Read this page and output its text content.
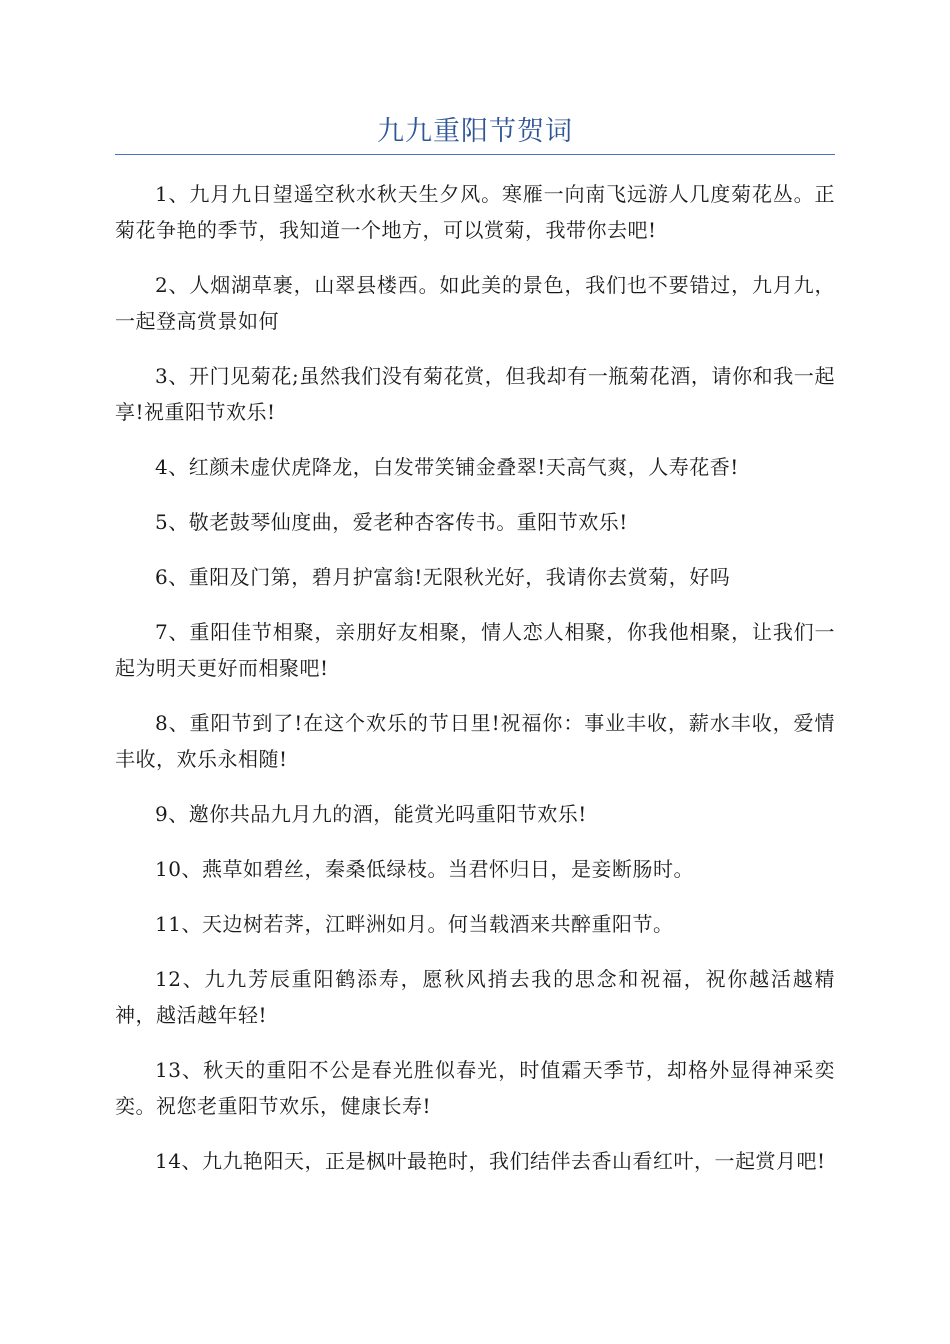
九九重阳节贺词

1、九月九日望遥空秋水秋天生夕风。寒雁一向南飞远游人几度菊花丛。正菊花争艳的季节，我知道一个地方，可以赏菊，我带你去吧!

2、人烟湖草裹，山翠县楼西。如此美的景色，我们也不要错过，九月九，一起登高赏景如何

3、开门见菊花;虽然我们没有菊花赏，但我却有一瓶菊花酒，请你和我一起享!祝重阳节欢乐!

4、红颜未虚伏虎降龙，白发带笑铺金叠翠!天高气爽，人寿花香!

5、敬老鼓琴仙度曲，爱老种杏客传书。重阳节欢乐!

6、重阳及门第，碧月护富翁!无限秋光好，我请你去赏菊，好吗

7、重阳佳节相聚，亲朋好友相聚，情人恋人相聚，你我他相聚，让我们一起为明天更好而相聚吧!

8、重阳节到了!在这个欢乐的节日里!祝福你：事业丰收，薪水丰收，爱情丰收，欢乐永相随!

9、邀你共品九月九的酒，能赏光吗重阳节欢乐!

10、燕草如碧丝，秦桑低绿枝。当君怀归日，是妾断肠时。

11、天边树若荠，江畔洲如月。何当载酒来共醉重阳节。

12、九九芳辰重阳鹤添寿，愿秋风捎去我的思念和祝福，祝你越活越精神，越活越年轻!

13、秋天的重阳不公是春光胜似春光，时值霜天季节，却格外显得神采奕奕。祝您老重阳节欢乐，健康长寿!

14、九九艳阳天，正是枫叶最艳时，我们结伴去香山看红叶，一起赏月吧!
